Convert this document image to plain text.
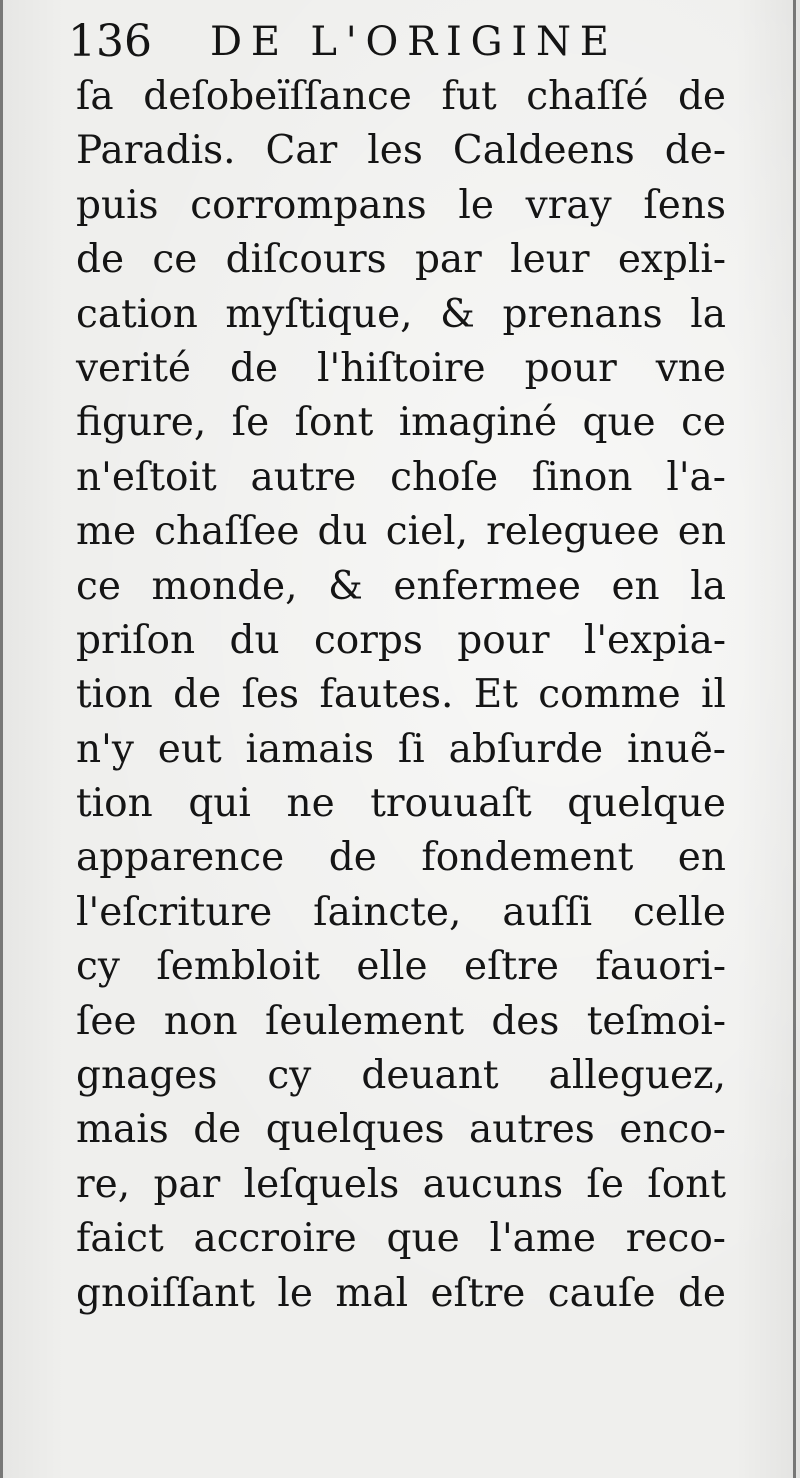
136 DE L'ORIGINE
ſa deſobeïſſance fut chaſſé de
Paradis. Car les Caldeens de-
puis corrompans le vray ſens
de ce diſcours par leur expli-
cation myſtique, & prenans la
verité de l'hiſtoire pour vne
figure, ſe ſont imaginé que ce
n'eſtoit autre choſe ſinon l'a-
me chaſſee du ciel, releguee en
ce monde, & enfermee en la
priſon du corps pour l'expia-
tion de ſes fautes. Et comme il
n'y eut iamais ſi abſurde inuẽ-
tion qui ne trouuaſt quelque
apparence de fondement en
l'eſcriture ſaincte, auſſi celle
cy ſembloit elle eſtre fauori-
ſee non ſeulement des teſmoi-
gnages cy deuant alleguez,
mais de quelques autres enco-
re, par leſquels aucuns ſe ſont
faict accroire que l'ame reco-
gnoiſſant le mal eſtre cauſe de
